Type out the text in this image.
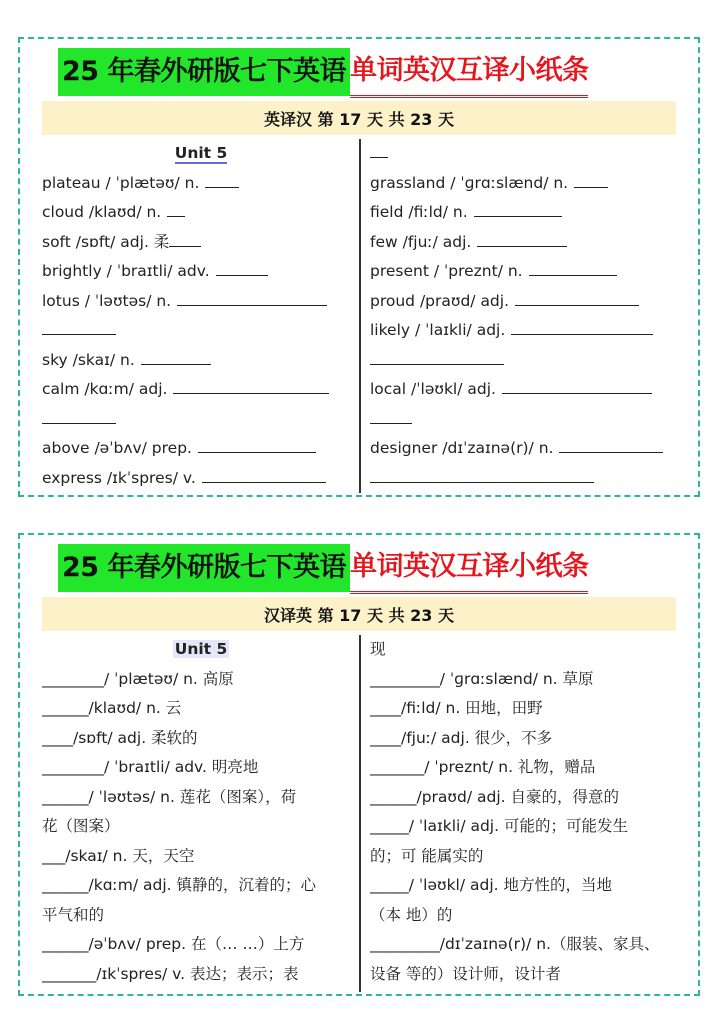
25 年春外研版七下英语 单词英汉互译小纸条
英译汉 第 17 天 共 23 天
Unit 5
plateau / ˈplætəʊ/ n.
cloud /klaʊd/ n.
soft /sɒft/ adj. 柔
brightly / ˈbraɪtli/ adv.
lotus / ˈləʊtəs/ n.
sky /skaɪ/ n.
calm /kɑːm/ adj.
above /əˈbʌv/ prep.
express /ɪkˈspres/ v.
grassland / ˈɡrɑːslænd/ n.
field /fiːld/ n.
few /fjuː/ adj.
present / ˈpreznt/ n.
proud /praʊd/ adj.
likely / ˈlaɪkli/ adj.
local /ˈləʊkl/ adj.
designer /dɪˈzaɪnə(r)/ n.
25 年春外研版七下英语 单词英汉互译小纸条
汉译英 第 17 天 共 23 天
Unit 5
________/ ˈplætəʊ/ n. 高原
______/klaʊd/ n. 云
____/sɒft/ adj. 柔软的
________/ ˈbraɪtli/ adv. 明亮地
______/ ˈləʊtəs/ n. 莲花（图案），荷
花（图案）
___/skaɪ/ n. 天，天空
______/kɑːm/ adj. 镇静的，沉着的；心
平气和的
______/əˈbʌv/ prep. 在（… …）上方
_______/ɪkˈspres/ v. 表达；表示；表
现
_________/ ˈɡrɑːslænd/ n. 草原
____/fiːld/ n. 田地，田野
____/fjuː/ adj. 很少，不多
_______/ ˈpreznt/ n. 礼物，赠品
______/praʊd/ adj. 自豪的，得意的
_____/ ˈlaɪkli/ adj. 可能的；可能发生
的；可 能属实的
_____/ ˈləʊkl/ adj. 地方性的，当地
（本 地）的
_________/dɪˈzaɪnə(r)/ n.（服装、家具、
设备 等的）设计师，设计者
